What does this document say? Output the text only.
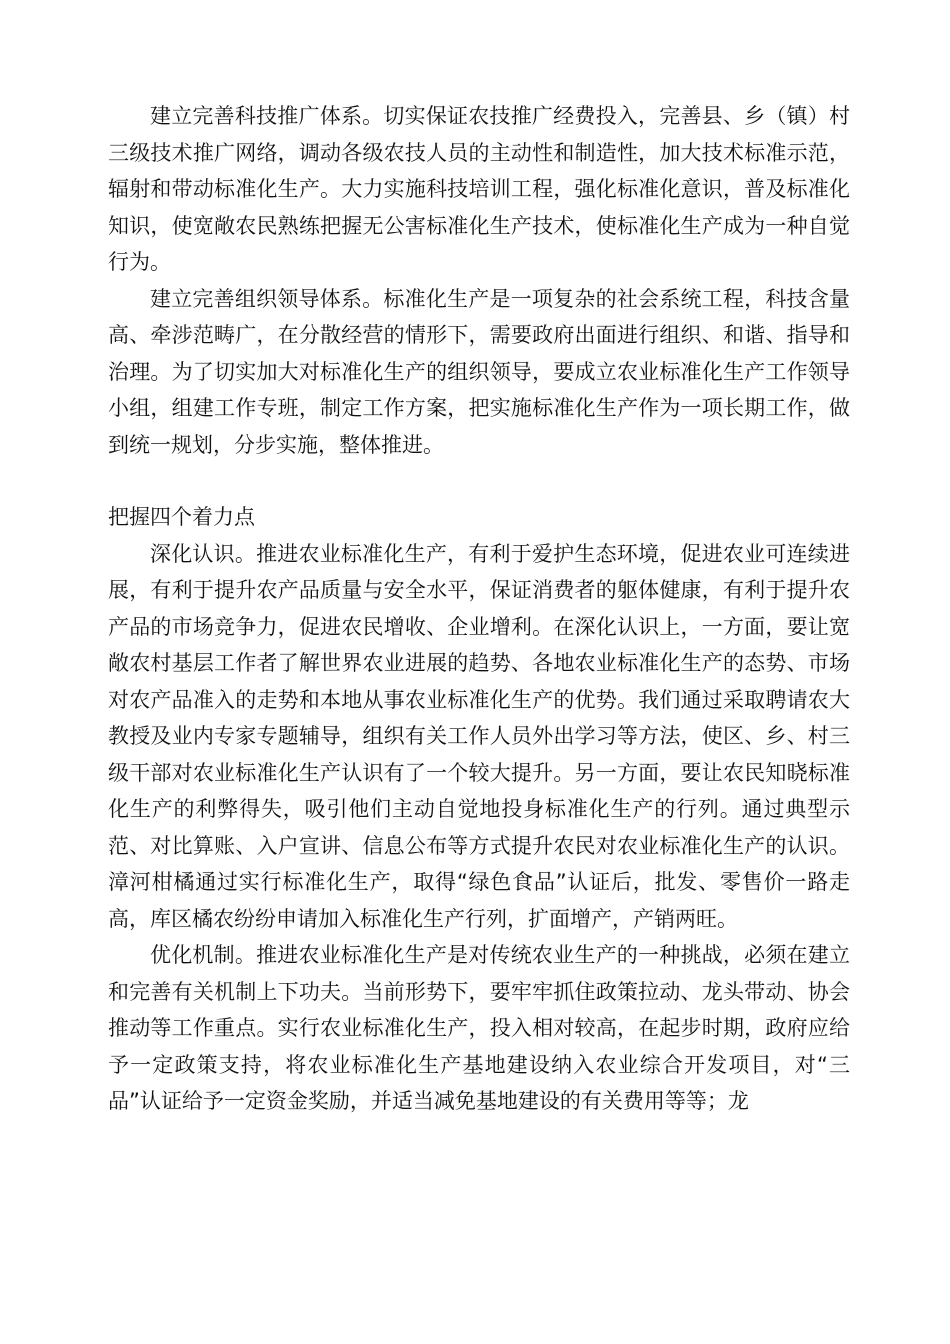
建立完善科技推广体系。切实保证农技推广经费投入，完善县、乡（镇）村三级技术推广网络，调动各级农技人员的主动性和制造性，加大技术标准示范，辐射和带动标准化生产。大力实施科技培训工程，强化标准化意识，普及标准化知识，使宽敞农民熟练把握无公害标准化生产技术，使标准化生产成为一种自觉行为。

建立完善组织领导体系。标准化生产是一项复杂的社会系统工程，科技含量高、牵涉范畴广，在分散经营的情形下，需要政府出面进行组织、和谐、指导和治理。为了切实加大对标准化生产的组织领导，要成立农业标准化生产工作领导小组，组建工作专班，制定工作方案，把实施标准化生产作为一项长期工作，做到统一规划，分步实施，整体推进。

把握四个着力点

深化认识。推进农业标准化生产，有利于爱护生态环境，促进农业可连续进展，有利于提升农产品质量与安全水平，保证消费者的躯体健康，有利于提升农产品的市场竞争力，促进农民增收、企业增利。在深化认识上，一方面，要让宽敞农村基层工作者了解世界农业进展的趋势、各地农业标准化生产的态势、市场对农产品准入的走势和本地从事农业标准化生产的优势。我们通过采取聘请农大教授及业内专家专题辅导，组织有关工作人员外出学习等方法，使区、乡、村三级干部对农业标准化生产认识有了一个较大提升。另一方面，要让农民知晓标准化生产的利弊得失，吸引他们主动自觉地投身标准化生产的行列。通过典型示范、对比算账、入户宣讲、信息公布等方式提升农民对农业标准化生产的认识。漳河柑橘通过实行标准化生产，取得“绿色食品”认证后，批发、零售价一路走高，库区橘农纷纷申请加入标准化生产行列，扩面增产，产销两旺。

优化机制。推进农业标准化生产是对传统农业生产的一种挑战，必须在建立和完善有关机制上下功夫。当前形势下，要牢牢抓住政策拉动、龙头带动、协会推动等工作重点。实行农业标准化生产，投入相对较高，在起步时期，政府应给予一定政策支持，将农业标准化生产基地建设纳入农业综合开发项目，对“三品”认证给予一定资金奖励，并适当减免基地建设的有关费用等等；龙
